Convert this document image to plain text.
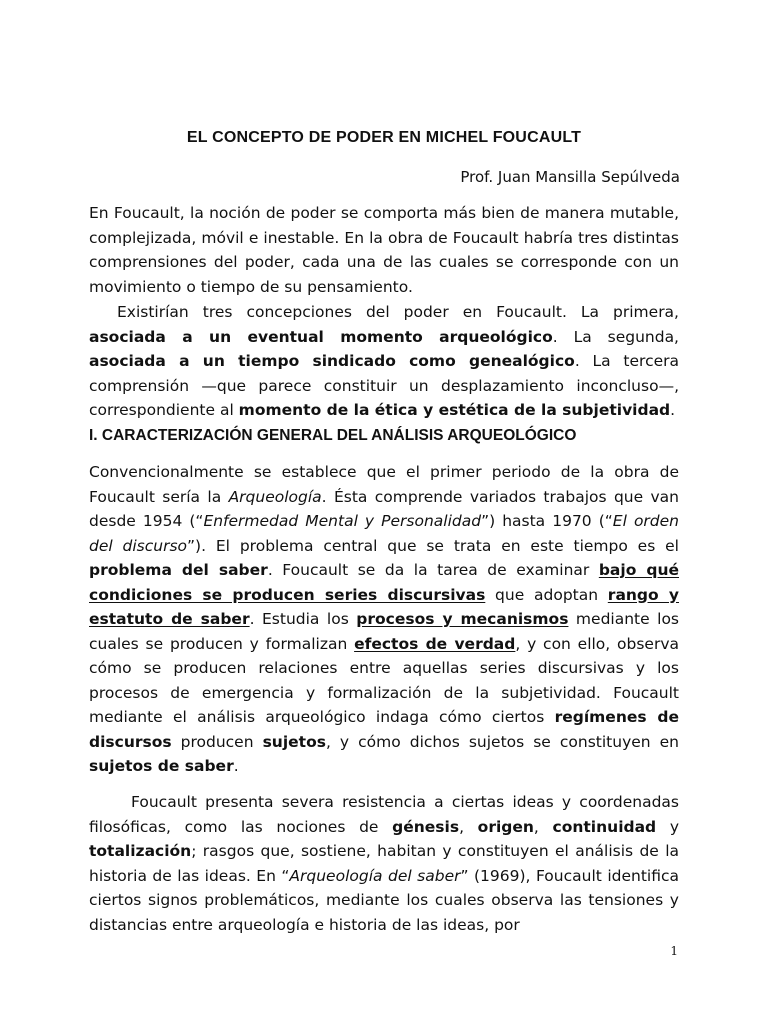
EL CONCEPTO DE PODER EN MICHEL FOUCAULT
Prof. Juan Mansilla Sepúlveda

En Foucault, la noción de poder se comporta más bien de manera mutable, complejizada, móvil e inestable. En la obra de Foucault habría tres distintas comprensiones del poder, cada una de las cuales se corresponde con un movimiento o tiempo de su pensamiento.

Existirían tres concepciones del poder en Foucault. La primera, asociada a un eventual momento arqueológico. La segunda, asociada a un tiempo sindicado como genealógico. La tercera comprensión —que parece constituir un desplazamiento inconcluso—, correspondiente al momento de la ética y estética de la subjetividad.

I. CARACTERIZACIÓN GENERAL DEL ANÁLISIS ARQUEOLÓGICO

Convencionalmente se establece que el primer periodo de la obra de Foucault sería la Arqueología. Ésta comprende variados trabajos que van desde 1954 (“Enfermedad Mental y Personalidad”) hasta 1970 (“El orden del discurso”). El problema central que se trata en este tiempo es el problema del saber. Foucault se da la tarea de examinar bajo qué condiciones se producen series discursivas que adoptan rango y estatuto de saber. Estudia los procesos y mecanismos mediante los cuales se producen y formalizan efectos de verdad, y con ello, observa cómo se producen relaciones entre aquellas series discursivas y los procesos de emergencia y formalización de la subjetividad. Foucault mediante el análisis arqueológico indaga cómo ciertos regímenes de discursos producen sujetos, y cómo dichos sujetos se constituyen en sujetos de saber.

Foucault presenta severa resistencia a ciertas ideas y coordenadas filosóficas, como las nociones de génesis, origen, continuidad y totalización; rasgos que, sostiene, habitan y constituyen el análisis de la historia de las ideas. En “Arqueología del saber” (1969), Foucault identifica ciertos signos problemáticos, mediante los cuales observa las tensiones y distancias entre arqueología e historia de las ideas, por

1
